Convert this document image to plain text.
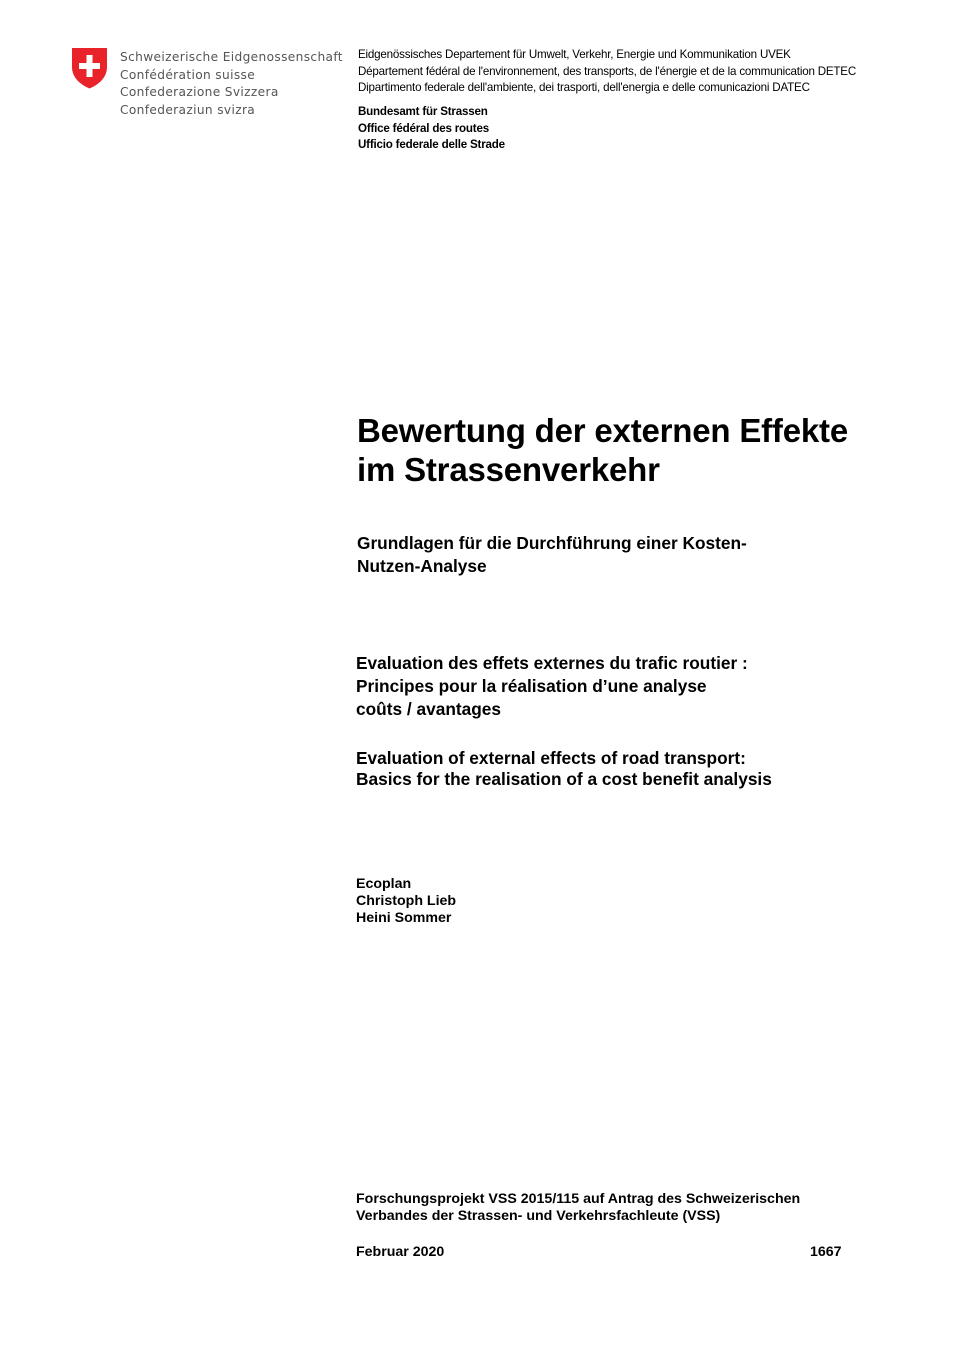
Schweizerische Eidgenossenschaft
Confédération suisse
Confederazione Svizzera
Confederaziun svizra
Eidgenössisches Departement für Umwelt, Verkehr, Energie und Kommunikation UVEK
Département fédéral de l'environnement, des transports, de l'énergie et de la communication DETEC
Dipartimento federale dell'ambiente, dei trasporti, dell'energia e delle comunicazioni DATEC
Bundesamt für Strassen
Office fédéral des routes
Ufficio federale delle Strade
Bewertung der externen Effekte
im Strassenverkehr
Grundlagen für die Durchführung einer Kosten-
Nutzen-Analyse
Evaluation des effets externes du trafic routier :
Principes pour la réalisation d’une analyse
coûts / avantages
Evaluation of external effects of road transport:
Basics for the realisation of a cost benefit analysis
Ecoplan
Christoph Lieb
Heini Sommer
Forschungsprojekt VSS 2015/115 auf Antrag des Schweizerischen
Verbandes der Strassen- und Verkehrsfachleute (VSS)
Februar 2020	1667
